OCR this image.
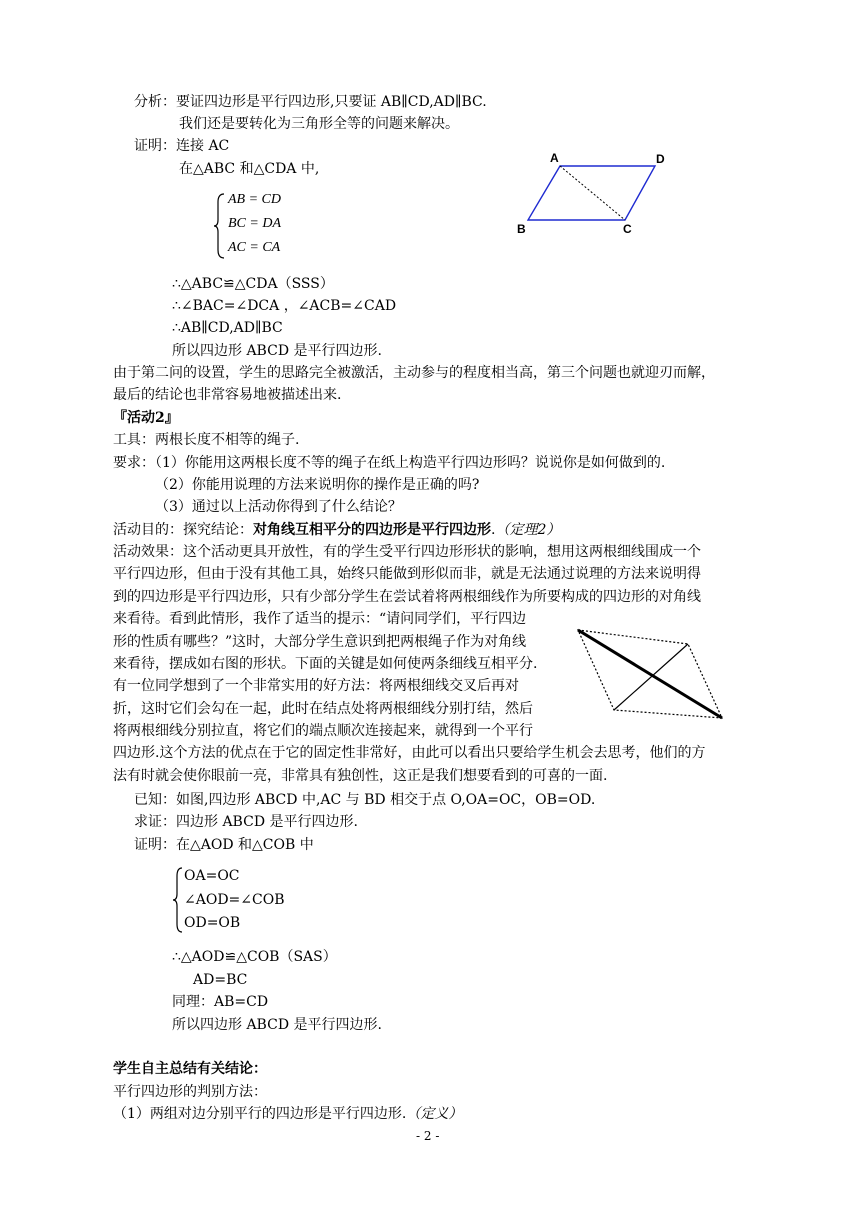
分析：要证四边形是平行四边形,只要证 AB∥CD,AD∥BC.
我们还是要转化为三角形全等的问题来解决。
证明：连接 AC
在△ABC 和△CDA 中,
AB = CD
BC = DA
AC = CA
∴△ABC≌△CDA（SSS）
∴∠BAC=∠DCA ，∠ACB=∠CAD
∴AB∥CD,AD∥BC
所以四边形 ABCD 是平行四边形.
A	D
B	C
由于第二问的设置，学生的思路完全被激活，主动参与的程度相当高，第三个问题也就迎刃而解，
最后的结论也非常容易地被描述出来.
『活动2』
工具：两根长度不相等的绳子.
要求：（1）你能用这两根长度不等的绳子在纸上构造平行四边形吗？说说你是如何做到的.
（2）你能用说理的方法来说明你的操作是正确的吗?
（3）通过以上活动你得到了什么结论？
活动目的：探究结论：对角线互相平分的四边形是平行四边形.（定理2）
活动效果：这个活动更具开放性，有的学生受平行四边形形状的影响，想用这两根细线围成一个
平行四边形，但由于没有其他工具，始终只能做到形似而非，就是无法通过说理的方法来说明得
到的四边形是平行四边形，只有少部分学生在尝试着将两根细线作为所要构成的四边形的对角线
来看待。看到此情形，我作了适当的提示：“请问同学们，平行四边
形的性质有哪些？”这时，大部分学生意识到把两根绳子作为对角线
来看待，摆成如右图的形状。下面的关键是如何使两条细线互相平分.
有一位同学想到了一个非常实用的好方法：将两根细线交叉后再对
折，这时它们会勾在一起，此时在结点处将两根细线分别打结，然后
将两根细线分别拉直，将它们的端点顺次连接起来，就得到一个平行
四边形.这个方法的优点在于它的固定性非常好，由此可以看出只要给学生机会去思考，他们的方
法有时就会使你眼前一亮，非常具有独创性，这正是我们想要看到的可喜的一面.
已知：如图,四边形 ABCD 中,AC 与 BD 相交于点 O,OA=OC，OB=OD.
求证：四边形 ABCD 是平行四边形.
证明：在△AOD 和△COB 中
OA=OC
∠AOD=∠COB
OD=OB
∴△AOD≌△COB（SAS）
AD=BC
同理：AB=CD
所以四边形 ABCD 是平行四边形.
学生自主总结有关结论：
平行四边形的判别方法：
（1）两组对边分别平行的四边形是平行四边形.（定义）
- 2 -
